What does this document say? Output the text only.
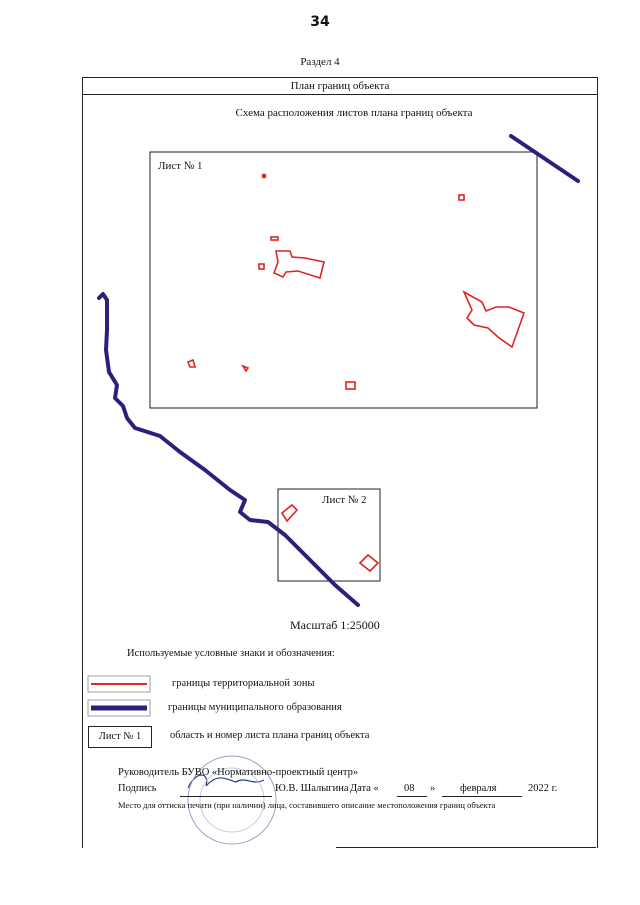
34
Раздел 4
План границ объекта
Схема расположения листов плана границ объекта
Лист № 1
Лист № 2
Масштаб 1:25000
Используемые условные знаки и обозначения:
границы территориальной зоны
границы муниципального образования
Лист № 1	область и номер листа плана границ объекта
Руководитель БУВО «Нормативно-проектный центр»
Подпись	Ю.В. Шалыгина Дата « 08 » февраля	2022 г.
Место для оттиска печати (при наличии) лица, составившего описание местоположения границ объекта
